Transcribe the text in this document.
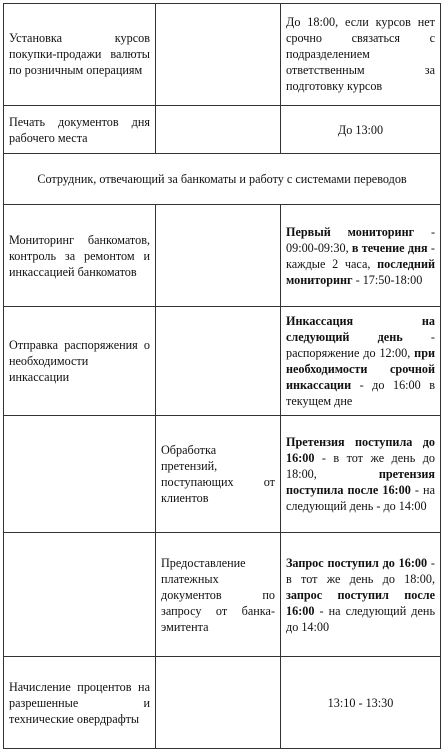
Установка курсов покупки-продажи валюты по розничным операциям		До 18:00, если курсов нет срочно связаться с подразделением ответственным за подготовку курсов
Печать документов дня рабочего места		До 13:00
Сотрудник, отвечающий за банкоматы и работу с системами переводов		
Мониторинг банкоматов, контроль за ремонтом и инкассацией банкоматов		Первый мониторинг - 09:00-09:30, в течение дня - каждые 2 часа, последний мониторинг - 17:50-18:00
Отправка распоряжения о необходимости инкассации		Инкассация на следующий день - распоряжение до 12:00, при необходимости срочной инкассации - до 16:00 в текущем дне
	Обработка претензий, поступающих от клиентов	Претензия поступила до 16:00 - в тот же день до 18:00, претензия поступила после 16:00 - на следующий день - до 14:00
	Предоставление платежных документов по запросу от банка-эмитента	Запрос поступил до 16:00 - в тот же день до 18:00, запрос поступил после 16:00 - на следующий день до 14:00
Начисление процентов на разрешенные и технические овердрафты		13:10 - 13:30
